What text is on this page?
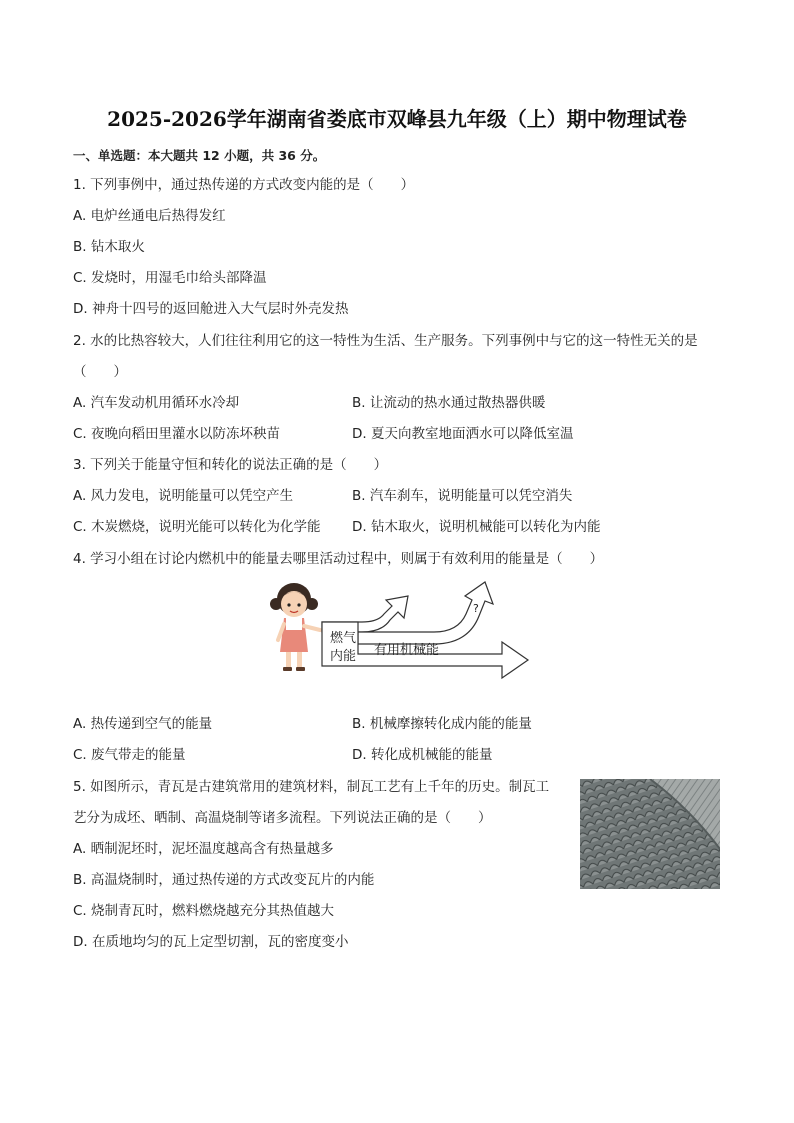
2025-2026学年湖南省娄底市双峰县九年级（上）期中物理试卷
一、单选题：本大题共 12 小题，共 36 分。
1. 下列事例中，通过热传递的方式改变内能的是（　　）
A. 电炉丝通电后热得发红
B. 钻木取火
C. 发烧时，用湿毛巾给头部降温
D. 神舟十四号的返回舱进入大气层时外壳发热
2. 水的比热容较大，人们往往利用它的这一特性为生活、生产服务。下列事例中与它的这一特性无关的是
（　　）
A. 汽车发动机用循环水冷却	B. 让流动的热水通过散热器供暖
C. 夜晚向稻田里灌水以防冻坏秧苗	D. 夏天向教室地面洒水可以降低室温
3. 下列关于能量守恒和转化的说法正确的是（　　）
A. 风力发电，说明能量可以凭空产生	B. 汽车刹车，说明能量可以凭空消失
C. 木炭燃烧，说明光能可以转化为化学能 D. 钻木取火，说明机械能可以转化为内能
4. 学习小组在讨论内燃机中的能量去哪里活动过程中，则属于有效利用的能量是（　　）
燃气
内能 有用机械能
?
A. 热传递到空气的能量	B. 机械摩擦转化成内能的能量
C. 废气带走的能量	D. 转化成机械能的能量
5. 如图所示，青瓦是古建筑常用的建筑材料，制瓦工艺有上千年的历史。制瓦工
艺分为成坯、晒制、高温烧制等诸多流程。下列说法正确的是（　　）
A. 晒制泥坯时，泥坯温度越高含有热量越多
B. 高温烧制时，通过热传递的方式改变瓦片的内能
C. 烧制青瓦时，燃料燃烧越充分其热值越大
D. 在质地均匀的瓦上定型切割，瓦的密度变小
